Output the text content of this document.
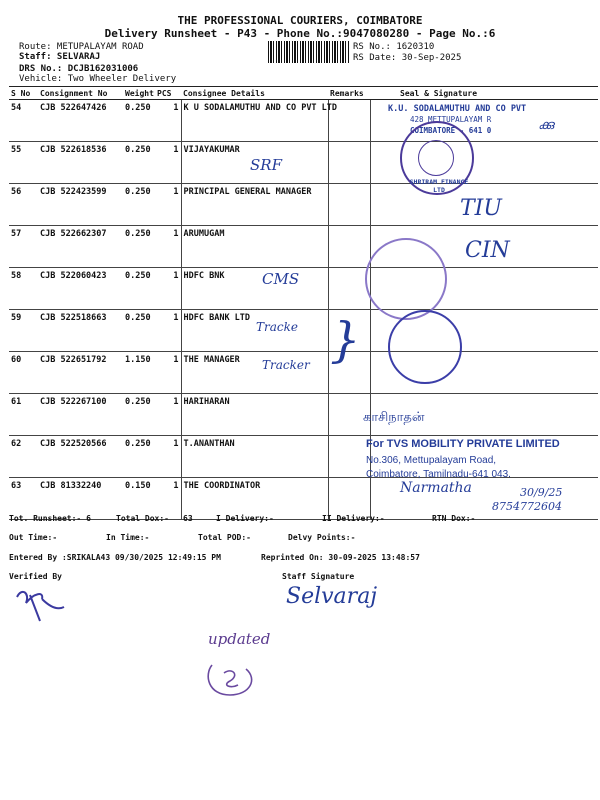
THE PROFESSIONAL COURIERS, COIMBATORE
Delivery Runsheet - P43 - Phone No.:9047080280 - Page No.:6
Route: METUPALAYAM ROAD
Staff: SELVARAJ
DRS No.: DCJB162031006
Vehicle: Two Wheeler Delivery
RS No.: 1620310
RS Date: 30-Sep-2025
S No	Consignment No	Weight	PCS	Consignee Details	Remarks	Seal & Signature
54	CJB 522647426	0.250	1	K U SODALAMUTHU AND CO PVT LTD		
55	CJB 522618536	0.250	1	VIJAYAKUMAR		
56	CJB 522423599	0.250	1	PRINCIPAL GENERAL MANAGER		
57	CJB 522662307	0.250	1	ARUMUGAM		
58	CJB 522060423	0.250	1	HDFC BNK		
59	CJB 522518663	0.250	1	HDFC BANK LTD		
60	CJB 522651792	1.150	1	THE MANAGER		
61	CJB 522267100	0.250	1	HARIHARAN		
62	CJB 522520566	0.250	1	T.ANANTHAN		
63	CJB 81332240	0.150	1	THE COORDINATOR		
K.U. SODALAMUTHU AND CO PVT
428 METTUPALAYAM R
COIMBATORE - 641 0	ക്കു
SHRIRAM FINANCE LTD
SRF
TIU
CMS
CIN
Tracke
Tracker }
காசிநாதன்
For TVS MOBILITY PRIVATE LIMITED
No.306, Mettupalayam Road,
Coimbatore, Tamilnadu-641 043.
Narmatha	30/9/25
8754772604
Tot. Runsheet:- 6	Total Dox:- 63	I Delivery:-	II Delivery:-	RTN Dox:-
Out Time:-	In Time:-	Total POD:-	Delvy Points:-
Entered By :SRIKALA43 09/30/2025 12:49:15 PM	Reprinted On: 30-09-2025 13:48:57
Verified By	Staff Signature
Selvaraj
updated
